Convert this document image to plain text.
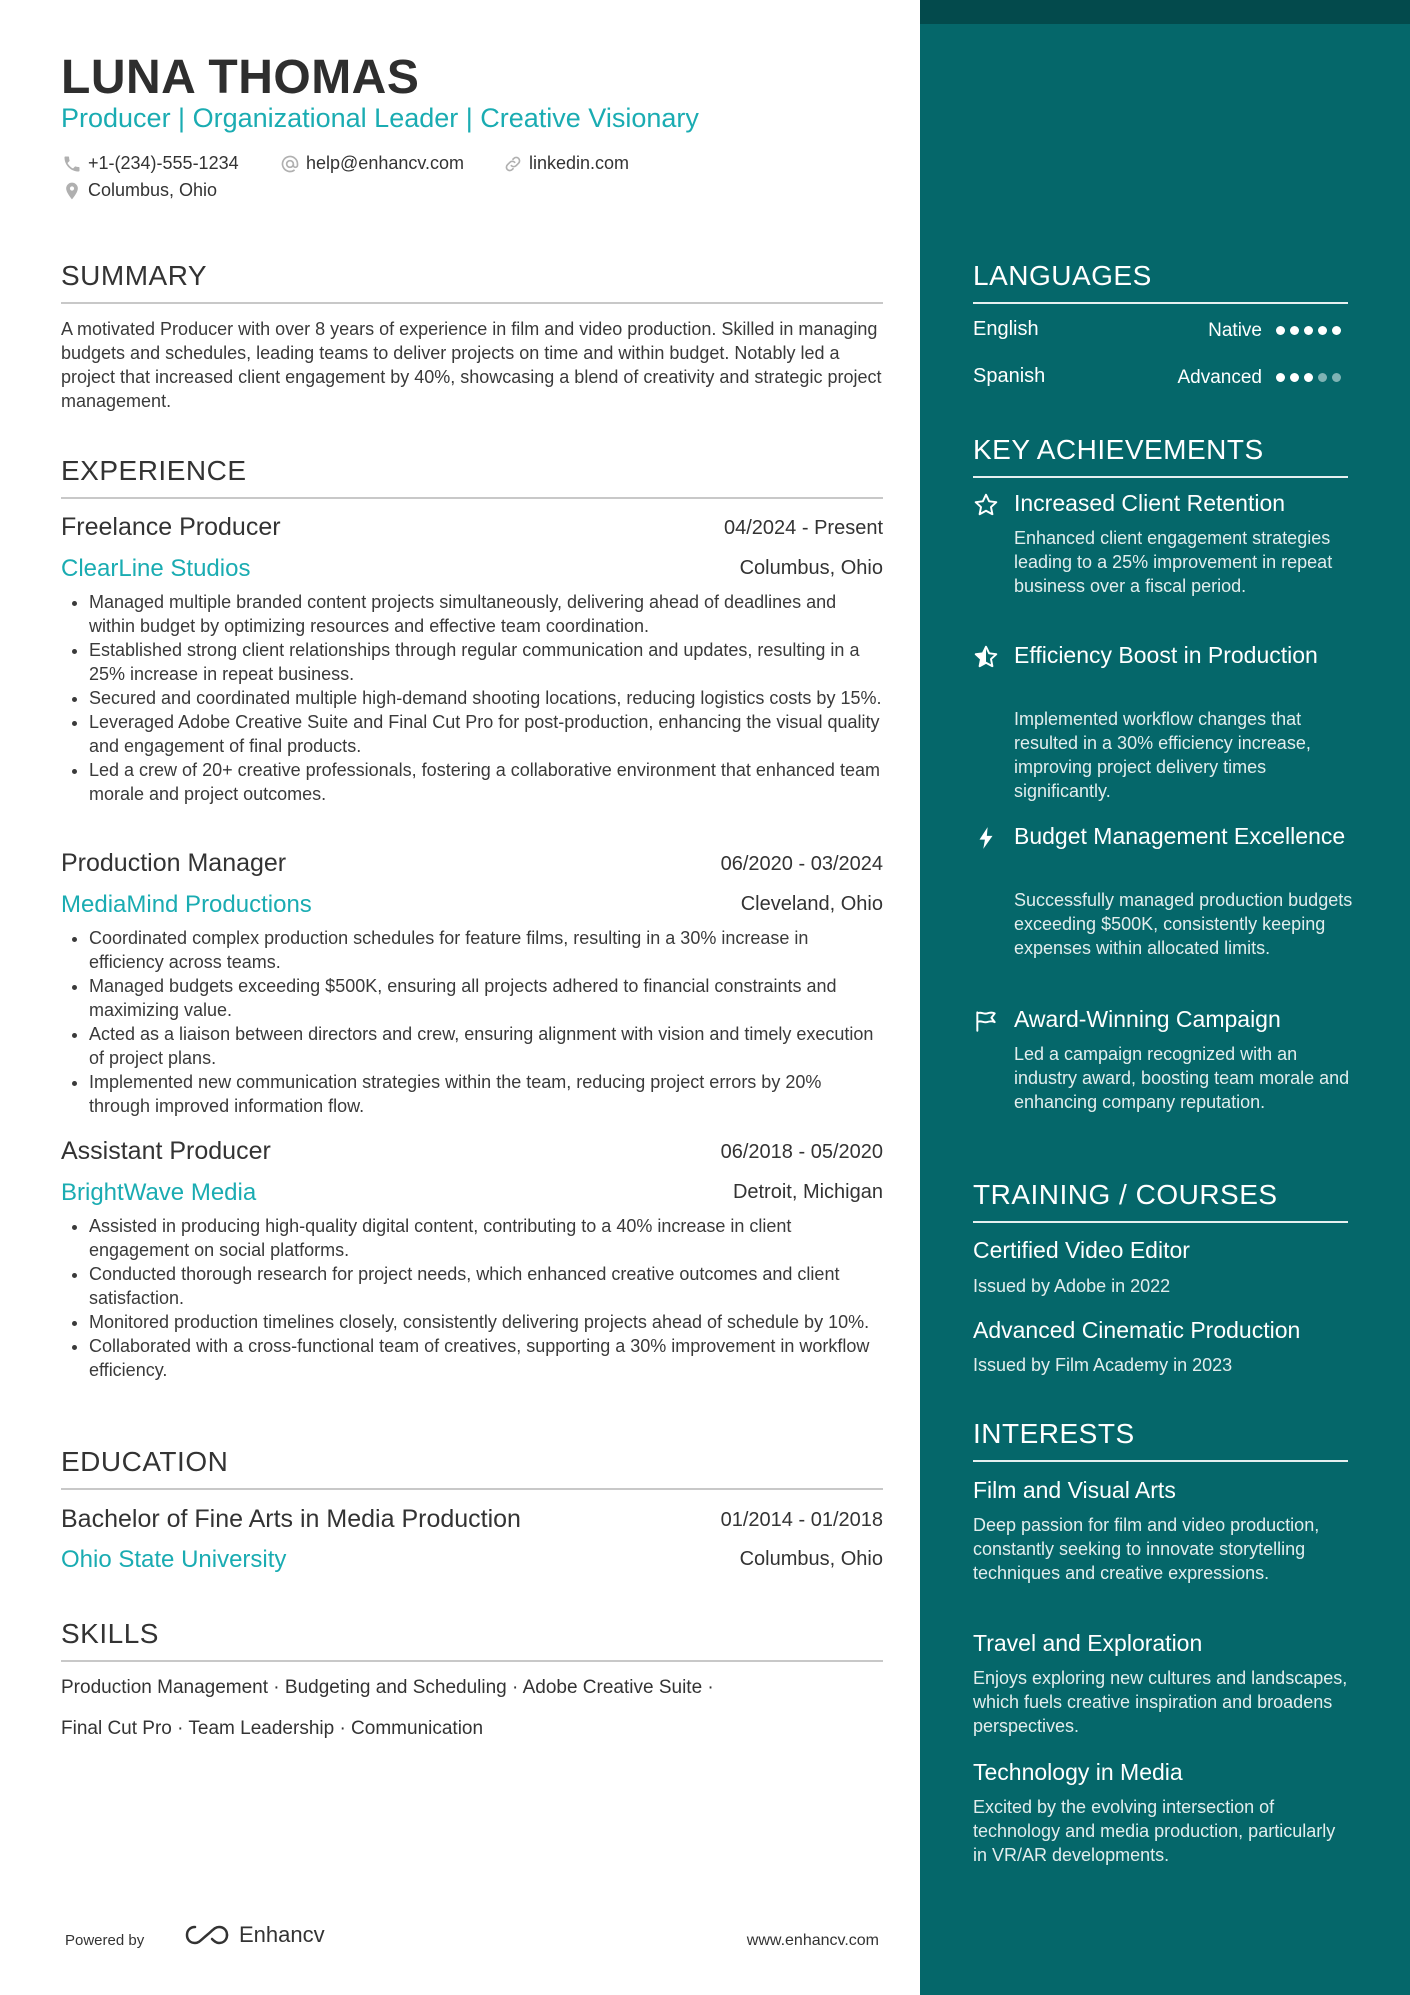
LUNA THOMAS
Producer | Organizational Leader | Creative Visionary
+1-(234)-555-1234	help@enhancv.com	linkedin.com
Columbus, Ohio
SUMMARY
A motivated Producer with over 8 years of experience in film and video production. Skilled in managing budgets and schedules, leading teams to deliver projects on time and within budget. Notably led a project that increased client engagement by 40%, showcasing a blend of creativity and strategic project management.
EXPERIENCE
Freelance Producer	04/2024 - Present
ClearLine Studios	Columbus, Ohio
• Managed multiple branded content projects simultaneously, delivering ahead of deadlines and within budget by optimizing resources and effective team coordination.
• Established strong client relationships through regular communication and updates, resulting in a 25% increase in repeat business.
• Secured and coordinated multiple high-demand shooting locations, reducing logistics costs by 15%.
• Leveraged Adobe Creative Suite and Final Cut Pro for post-production, enhancing the visual quality and engagement of final products.
• Led a crew of 20+ creative professionals, fostering a collaborative environment that enhanced team morale and project outcomes.
Production Manager	06/2020 - 03/2024
MediaMind Productions	Cleveland, Ohio
• Coordinated complex production schedules for feature films, resulting in a 30% increase in efficiency across teams.
• Managed budgets exceeding $500K, ensuring all projects adhered to financial constraints and maximizing value.
• Acted as a liaison between directors and crew, ensuring alignment with vision and timely execution of project plans.
• Implemented new communication strategies within the team, reducing project errors by 20% through improved information flow.
Assistant Producer	06/2018 - 05/2020
BrightWave Media	Detroit, Michigan
• Assisted in producing high-quality digital content, contributing to a 40% increase in client engagement on social platforms.
• Conducted thorough research for project needs, which enhanced creative outcomes and client satisfaction.
• Monitored production timelines closely, consistently delivering projects ahead of schedule by 10%.
• Collaborated with a cross-functional team of creatives, supporting a 30% improvement in workflow efficiency.
EDUCATION
Bachelor of Fine Arts in Media Production	01/2014 - 01/2018
Ohio State University	Columbus, Ohio
SKILLS
Production Management · Budgeting and Scheduling · Adobe Creative Suite ·
Final Cut Pro · Team Leadership · Communication
Powered by	Enhancv	www.enhancv.com
LANGUAGES
English	Native
Spanish	Advanced
KEY ACHIEVEMENTS
Increased Client Retention
Enhanced client engagement strategies leading to a 25% improvement in repeat business over a fiscal period.
Efficiency Boost in Production
Implemented workflow changes that resulted in a 30% efficiency increase, improving project delivery times significantly.
Budget Management Excellence
Successfully managed production budgets exceeding $500K, consistently keeping expenses within allocated limits.
Award-Winning Campaign
Led a campaign recognized with an industry award, boosting team morale and enhancing company reputation.
TRAINING / COURSES
Certified Video Editor
Issued by Adobe in 2022
Advanced Cinematic Production
Issued by Film Academy in 2023
INTERESTS
Film and Visual Arts
Deep passion for film and video production, constantly seeking to innovate storytelling techniques and creative expressions.
Travel and Exploration
Enjoys exploring new cultures and landscapes, which fuels creative inspiration and broadens perspectives.
Technology in Media
Excited by the evolving intersection of technology and media production, particularly in VR/AR developments.
